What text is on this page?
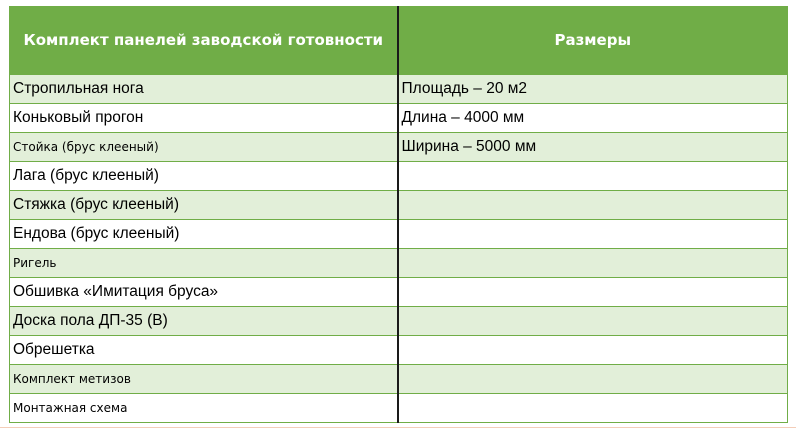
Комплект панелей заводской готовности	Размеры
Стропильная нога	Площадь – 20 м2
Коньковый прогон	Длина – 4000 мм
Стойка (брус клееный)	Ширина – 5000 мм
Лага (брус клееный)	
Стяжка (брус клееный)	
Ендова (брус клееный)	
Ригель	
Обшивка «Имитация бруса»	
Доска пола ДП-35 (В)	
Обрешетка	
Комплект метизов	
Монтажная схема	
